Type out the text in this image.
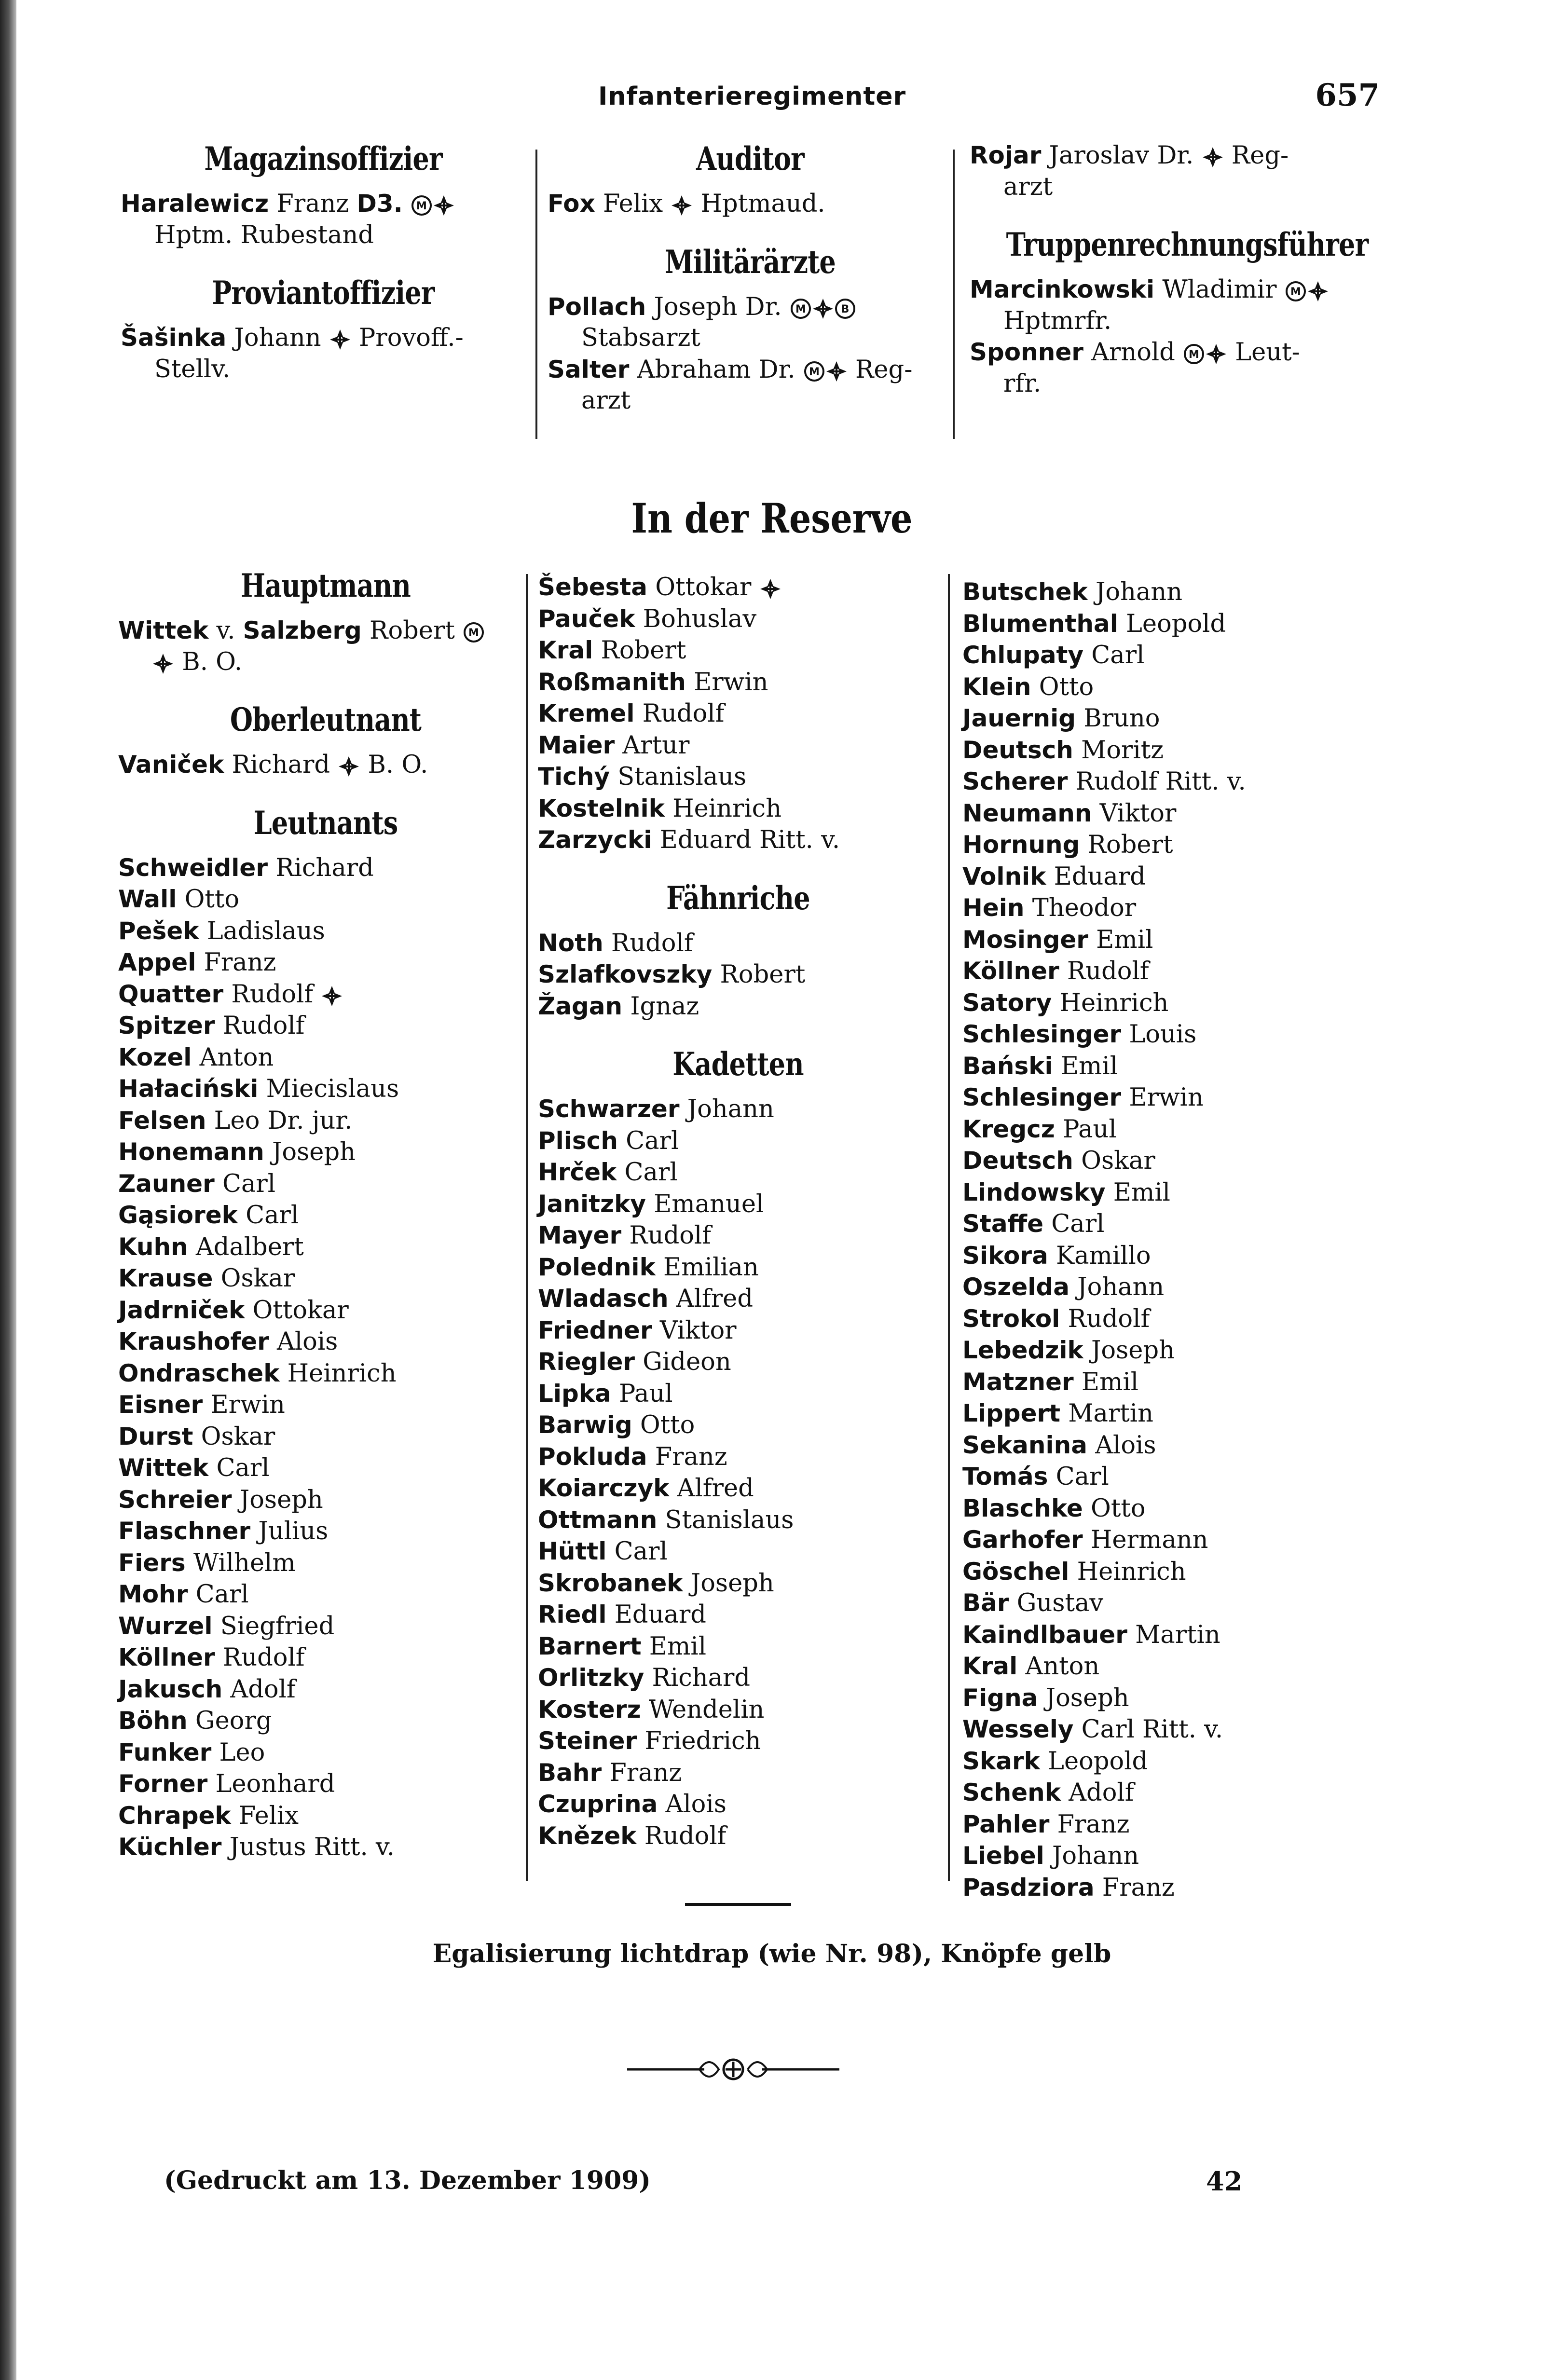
Infanterieregimenter	657
Magazinsoffizier
Haralewicz Franz D3. M
Hptm. Rubestand
Proviantoffizier
Šašinka Johann
Provoff.-
Stellv.
Auditor
Fox Felix
Hptmaud.
Militärärzte
Pollach Joseph Dr. M	B
Stabsarzt
Salter Abraham Dr. M Reg-
arzt
Rojar Jaroslav Dr.
Reg-
arzt
Truppenrechnungsführer
Marcinkowski Wladimir M
Hptmrfr.
Sponner Arnold M Leut-
rfr.
In der Reserve
Hauptmann
Wittek v. Salzberg Robert M
B. O.
Oberleutnant
Vaniček Richard
B. O.
Leutnants
Schweidler Richard
Wall Otto
Pešek Ladislaus
Appel Franz
Quatter Rudolf
Spitzer Rudolf
Kozel Anton
Hałaciński Miecislaus
Felsen Leo Dr. jur.
Honemann Joseph
Zauner Carl
Gąsiorek Carl
Kuhn Adalbert
Krause Oskar
Jadrniček Ottokar
Kraushofer Alois
Ondraschek Heinrich
Eisner Erwin
Durst Oskar
Wittek Carl
Schreier Joseph
Flaschner Julius
Fiers Wilhelm
Mohr Carl
Wurzel Siegfried
Köllner Rudolf
Jakusch Adolf
Böhn Georg
Funker Leo
Forner Leonhard
Chrapek Felix
Küchler Justus Ritt. v.
Šebesta Ottokar
Pauček Bohuslav
Kral Robert
Roßmanith Erwin
Kremel Rudolf
Maier Artur
Tichý Stanislaus
Kostelnik Heinrich
Zarzycki Eduard Ritt. v.
Fähnriche
Noth Rudolf
Szlafkovszky Robert
Žagan Ignaz
Kadetten
Schwarzer Johann
Plisch Carl
Hrček Carl
Janitzky Emanuel
Mayer Rudolf
Polednik Emilian
Wladasch Alfred
Friedner Viktor
Riegler Gideon
Lipka Paul
Barwig Otto
Pokluda Franz
Koiarczyk Alfred
Ottmann Stanislaus
Hüttl Carl
Skrobanek Joseph
Riedl Eduard
Barnert Emil
Orlitzky Richard
Kosterz Wendelin
Steiner Friedrich
Bahr Franz
Czuprina Alois
Knězek Rudolf
Butschek Johann
Blumenthal Leopold
Chlupaty Carl
Klein Otto
Jauernig Bruno
Deutsch Moritz
Scherer Rudolf Ritt. v.
Neumann Viktor
Hornung Robert
Volnik Eduard
Hein Theodor
Mosinger Emil
Köllner Rudolf
Satory Heinrich
Schlesinger Louis
Bański Emil
Schlesinger Erwin
Kregcz Paul
Deutsch Oskar
Lindowsky Emil
Staffe Carl
Sikora Kamillo
Oszelda Johann
Strokol Rudolf
Lebedzik Joseph
Matzner Emil
Lippert Martin
Sekanina Alois
Tomás Carl
Blaschke Otto
Garhofer Hermann
Göschel Heinrich
Bär Gustav
Kaindlbauer Martin
Kral Anton
Figna Joseph
Wessely Carl Ritt. v.
Skark Leopold
Schenk Adolf
Pahler Franz
Liebel Johann
Pasdziora Franz
Egalisierung lichtdrap (wie Nr. 98), Knöpfe gelb
(Gedruckt am 13. Dezember 1909)	42
